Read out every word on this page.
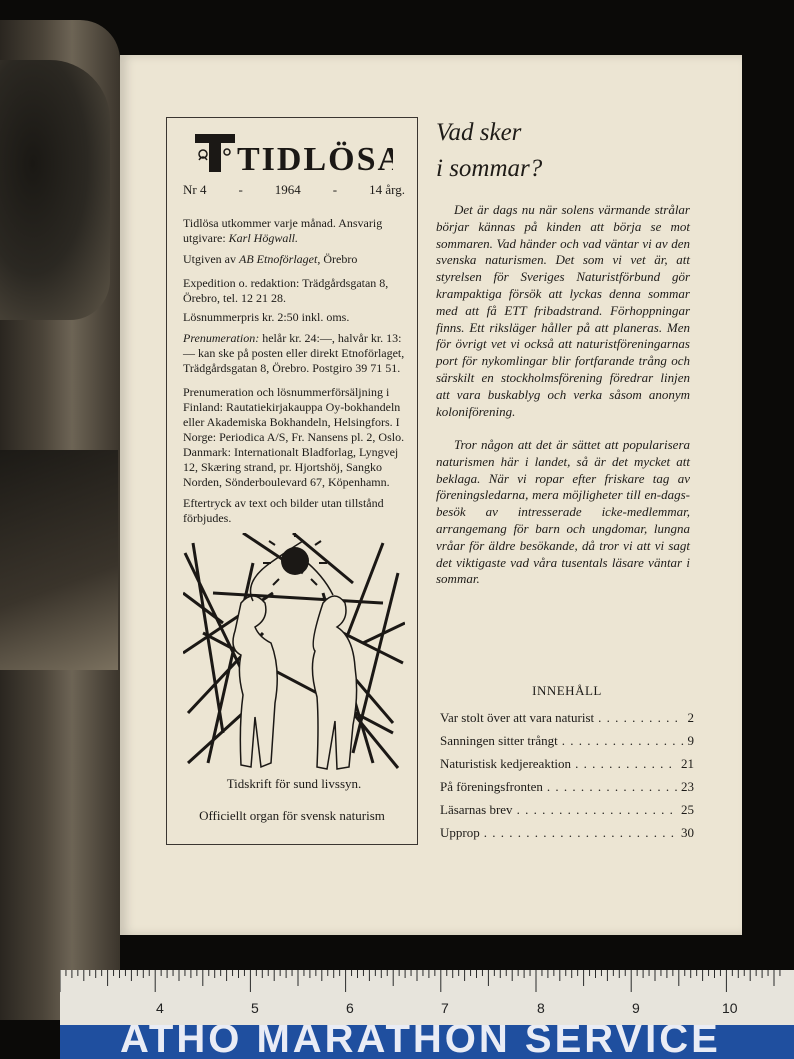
TIDLÖSA
Nr 4 - 1964 - 14 årg.
Tidlösa utkommer varje månad. Ansvarig utgivare: Karl Högwall.
Utgiven av AB Etnoförlaget, Örebro
Expedition o. redaktion: Trädgårdsgatan 8, Örebro, tel. 12 21 28.
Lösnummerpris kr. 2:50 inkl. oms.
Prenumeration: helår kr. 24:—, halvår kr. 13:— kan ske på posten eller direkt Etnoförlaget, Trädgårdsgatan 8, Örebro. Postgiro 39 71 51.
Prenumeration och lösnummerförsäljning i Finland: Rautatiekirjakauppa Oy-bokhandeln eller Akademiska Bokhandeln, Helsingfors. I Norge: Periodica A/S, Fr. Nansens pl. 2, Oslo. Danmark: Internationalt Bladforlag, Lyngvej 12, Skæring strand, pr. Hjortshöj, Sangko Norden, Sönderboulevard 67, Köpenhamn.
Eftertryck av text och bilder utan tillstånd förbjudes.
Tidskrift för sund livssyn.
Officiellt organ för svensk naturism
Vad sker
i sommar?
Det är dags nu när solens värmande strålar börjar kännas på kinden att börja se mot sommaren. Vad händer och vad väntar vi av den svenska naturismen. Det som vi vet är, att styrelsen för Sveriges Naturistförbund gör krampaktiga försök att lyckas denna sommar med att få ETT fribadstrand. Förhoppningar finns. Ett riksläger håller på att planeras. Men för övrigt vet vi också att naturistföreningarnas port för nykomlingar blir fortfarande trång och särskilt en stockholmsförening föredrar linjen att vara buskablyg och verka såsom anonym koloniförening.
Tror någon att det är sättet att popularisera naturismen här i landet, så är det mycket att beklaga. När vi ropar efter friskare tag av föreningsledarna, mera möjligheter till en-dags-besök av intresserade icke-medlemmar, arrangemang för barn och ungdomar, lungna vråar för äldre besökande, då tror vi att vi sagt det viktigaste vad våra tusentals läsare väntar i sommar.
INNEHÅLL
Var stolt över att vara naturist . . .	2
Sanningen sitter trångt . . .	9
Naturistisk kedjereaktion . . .	21
På föreningsfronten . . .	23
Läsarnas brev . . .	25
Upprop . . .	30
4	5	6	7	8	9	10
ATHO MARATHON SERVICE
